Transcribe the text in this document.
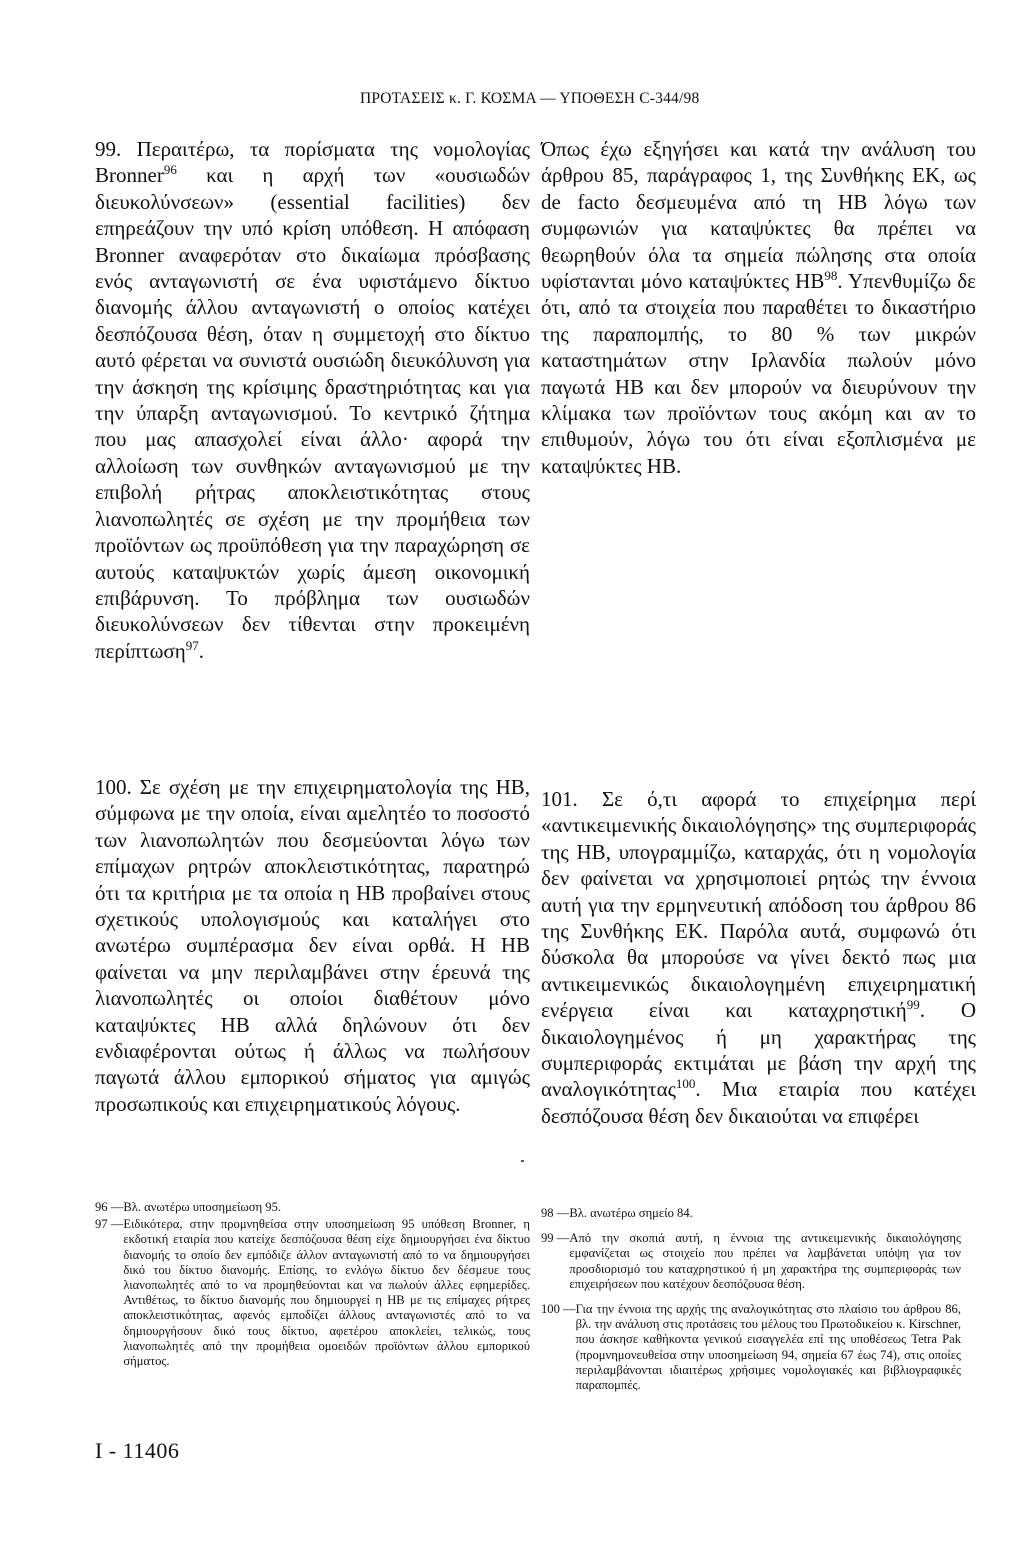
ΠΡΟΤΑΣΕΙΣ κ. Γ. ΚΟΣΜΑ — ΥΠΟΘΕΣΗ C-344/98

99. Περαιτέρω, τα πορίσματα της νομολογίας Bronner$^{96}$ και η αρχή των «ουσιωδών διευκολύνσεων» (essential facilities) δεν επηρεάζουν την υπό κρίση υπόθεση. Η απόφαση Bronner αναφερόταν στο δικαίωμα πρόσβασης ενός ανταγωνιστή σε ένα υφιστάμενο δίκτυο διανομής άλλου ανταγωνιστή ο οποίος κατέχει δεσπόζουσα θέση, όταν η συμμετοχή στο δίκτυο αυτό φέρεται να συνιστά ουσιώδη διευκόλυνση για την άσκηση της κρίσιμης δραστηριότητας και για την ύπαρξη ανταγωνισμού. Το κεντρικό ζήτημα που μας απασχολεί είναι άλλο· αφορά την αλλοίωση των συνθηκών ανταγωνισμού με την επιβολή ρήτρας αποκλειστικότητας στους λιανοπωλητές σε σχέση με την προμήθεια των προϊόντων ως προϋπόθεση για την παραχώρηση σε αυτούς καταψυκτών χωρίς άμεση οικονομική επιβάρυνση. Το πρόβλημα των ουσιωδών διευκολύνσεων δεν τίθενται στην προκειμένη περίπτωση$^{97}$.

Όπως έχω εξηγήσει και κατά την ανάλυση του άρθρου 85, παράγραφος 1, της Συνθήκης ΕΚ, ως de facto δεσμευμένα από τη ΗΒ λόγω των συμφωνιών για καταψύκτες θα πρέπει να θεωρηθούν όλα τα σημεία πώλησης στα οποία υφίστανται μόνο καταψύκτες ΗΒ$^{98}$. Υπενθυμίζω δε ότι, από τα στοιχεία που παραθέτει το δικαστήριο της παραπομπής, το 80 % των μικρών καταστημάτων στην Ιρλανδία πωλούν μόνο παγωτά ΗΒ και δεν μπορούν να διευρύνουν την κλίμακα των προϊόντων τους ακόμη και αν το επιθυμούν, λόγω του ότι είναι εξοπλισμένα με καταψύκτες ΗΒ.

100. Σε σχέση με την επιχειρηματολογία της ΗΒ, σύμφωνα με την οποία, είναι αμελητέο το ποσοστό των λιανοπωλητών που δεσμεύονται λόγω των επίμαχων ρητρών αποκλειστικότητας, παρατηρώ ότι τα κριτήρια με τα οποία η ΗΒ προβαίνει στους σχετικούς υπολογισμούς και καταλήγει στο ανωτέρω συμπέρασμα δεν είναι ορθά. Η ΗΒ φαίνεται να μην περιλαμβάνει στην έρευνά της λιανοπωλητές οι οποίοι διαθέτουν μόνο καταψύκτες ΗΒ αλλά δηλώνουν ότι δεν ενδιαφέρονται ούτως ή άλλως να πωλήσουν παγωτά άλλου εμπορικού σήματος για αμιγώς προσωπικούς και επιχειρηματικούς λόγους.

101. Σε ό,τι αφορά το επιχείρημα περί «αντικειμενικής δικαιολόγησης» της συμπεριφοράς της ΗΒ, υπογραμμίζω, καταρχάς, ότι η νομολογία δεν φαίνεται να χρησιμοποιεί ρητώς την έννοια αυτή για την ερμηνευτική απόδοση του άρθρου 86 της Συνθήκης ΕΚ. Παρόλα αυτά, συμφωνώ ότι δύσκολα θα μπορούσε να γίνει δεκτό πως μια αντικειμενικώς δικαιολογημένη επιχειρηματική ενέργεια είναι και καταχρηστική$^{99}$. Ο δικαιολογημένος ή μη χαρακτήρας της συμπεριφοράς εκτιμάται με βάση την αρχή της αναλογικότητας$^{100}$. Μια εταιρία που κατέχει δεσπόζουσα θέση δεν δικαιούται να επιφέρει

96 — Βλ. ανωτέρω υποσημείωση 95.
97 — Ειδικότερα, στην προμνηθείσα στην υποσημείωση 95 υπόθεση Bronner, η εκδοτική εταιρία που κατείχε δεσπόζουσα θέση είχε δημιουργήσει ένα δίκτυο διανομής το οποίο δεν εμπόδιζε άλλον ανταγωνιστή από το να δημιουργήσει δικό του δίκτυο διανομής. Επίσης, το ενλόγω δίκτυο δεν δέσμευε τους λιανοπωλητές από το να προμηθεύονται και να πωλούν άλλες εφημερίδες. Αντιθέτως, το δίκτυο διανομής που δημιουργεί η ΗΒ με τις επίμαχες ρήτρες αποκλειστικότητας, αφενός εμποδίζει άλλους ανταγωνιστές από το να δημιουργήσουν δικό τους δίκτυο, αφετέρου αποκλείει, τελικώς, τους λιανοπωλητές από την προμήθεια ομοειδών προϊόντων άλλου εμπορικού σήματος.
98 — Βλ. ανωτέρω σημείο 84.
99 — Από την σκοπιά αυτή, η έννοια της αντικειμενικής δικαιολόγησης εμφανίζεται ως στοιχείο που πρέπει να λαμβάνεται υπόψη για τον προσδιορισμό του καταχρηστικού ή μη χαρακτήρα της συμπεριφοράς των επιχειρήσεων που κατέχουν δεσπόζουσα θέση.
100 — Για την έννοια της αρχής της αναλογικότητας στο πλαίσιο του άρθρου 86, βλ. την ανάλυση στις προτάσεις του μέλους του Πρωτοδικείου κ. Kirschner, που άσκησε καθήκοντα γενικού εισαγγελέα επί της υποθέσεως Tetra Pak (προμνημονευθείσα στην υποσημείωση 94, σημεία 67 έως 74), στις οποίες περιλαμβάνονται ιδιαιτέρως χρήσιμες νομολογιακές και βιβλιογραφικές παραπομπές.
I - 11406
